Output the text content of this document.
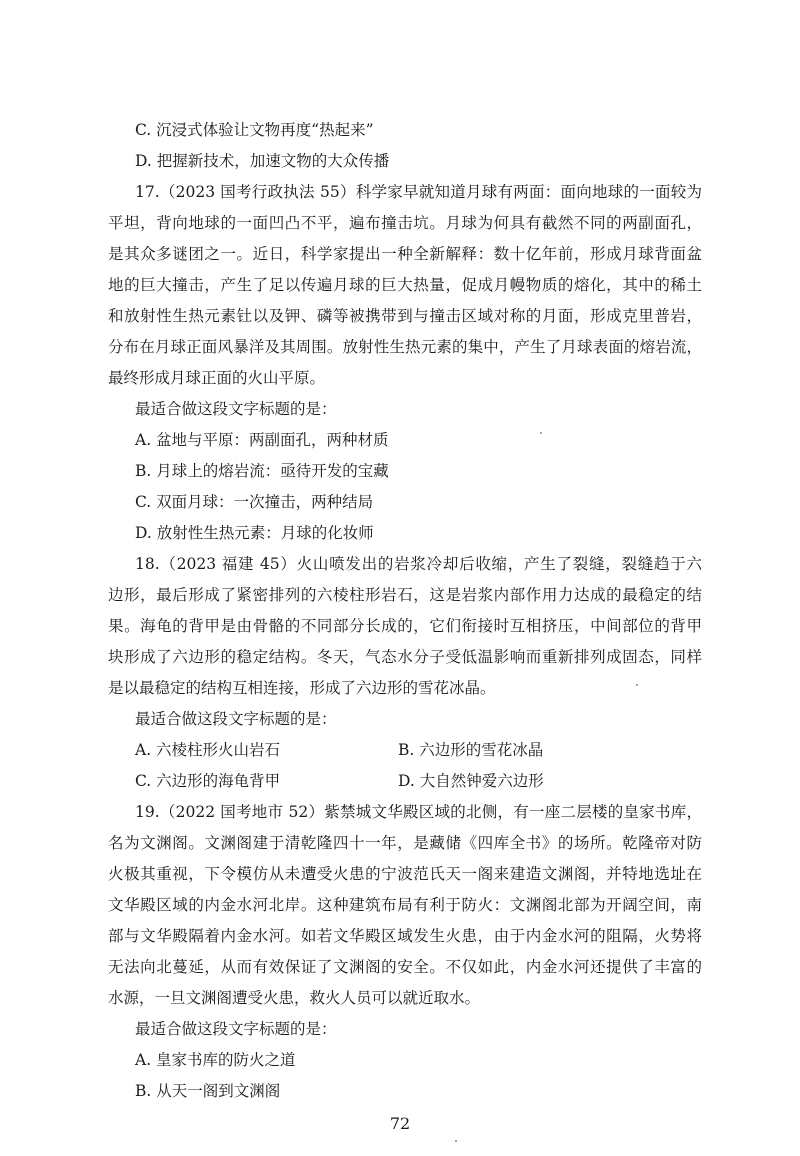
C. 沉浸式体验让文物再度“热起来”
D. 把握新技术，加速文物的大众传播
17.（2023 国考行政执法 55）科学家早就知道月球有两面：面向地球的一面较为
平坦，背向地球的一面凹凸不平，遍布撞击坑。月球为何具有截然不同的两副面孔，
是其众多谜团之一。近日，科学家提出一种全新解释：数十亿年前，形成月球背面盆
地的巨大撞击，产生了足以传遍月球的巨大热量，促成月幔物质的熔化，其中的稀土
和放射性生热元素钍以及钾、磷等被携带到与撞击区域对称的月面，形成克里普岩，
分布在月球正面风暴洋及其周围。放射性生热元素的集中，产生了月球表面的熔岩流，
最终形成月球正面的火山平原。
最适合做这段文字标题的是：
A. 盆地与平原：两副面孔，两种材质
B. 月球上的熔岩流：亟待开发的宝藏
C. 双面月球：一次撞击，两种结局
D. 放射性生热元素：月球的化妆师
18.（2023 福建 45）火山喷发出的岩浆冷却后收缩，产生了裂缝，裂缝趋于六
边形，最后形成了紧密排列的六棱柱形岩石，这是岩浆内部作用力达成的最稳定的结
果。海龟的背甲是由骨骼的不同部分长成的，它们衔接时互相挤压，中间部位的背甲
块形成了六边形的稳定结构。冬天，气态水分子受低温影响而重新排列成固态，同样
是以最稳定的结构互相连接，形成了六边形的雪花冰晶。
最适合做这段文字标题的是：
A. 六棱柱形火山岩石	B. 六边形的雪花冰晶
C. 六边形的海龟背甲	D. 大自然钟爱六边形
19.（2022 国考地市 52）紫禁城文华殿区域的北侧，有一座二层楼的皇家书库，
名为文渊阁。文渊阁建于清乾隆四十一年，是藏储《四库全书》的场所。乾隆帝对防
火极其重视，下令模仿从未遭受火患的宁波范氏天一阁来建造文渊阁，并特地选址在
文华殿区域的内金水河北岸。这种建筑布局有利于防火：文渊阁北部为开阔空间，南
部与文华殿隔着内金水河。如若文华殿区域发生火患，由于内金水河的阻隔，火势将
无法向北蔓延，从而有效保证了文渊阁的安全。不仅如此，内金水河还提供了丰富的
水源，一旦文渊阁遭受火患，救火人员可以就近取水。
最适合做这段文字标题的是：
A. 皇家书库的防火之道
B. 从天一阁到文渊阁
72
